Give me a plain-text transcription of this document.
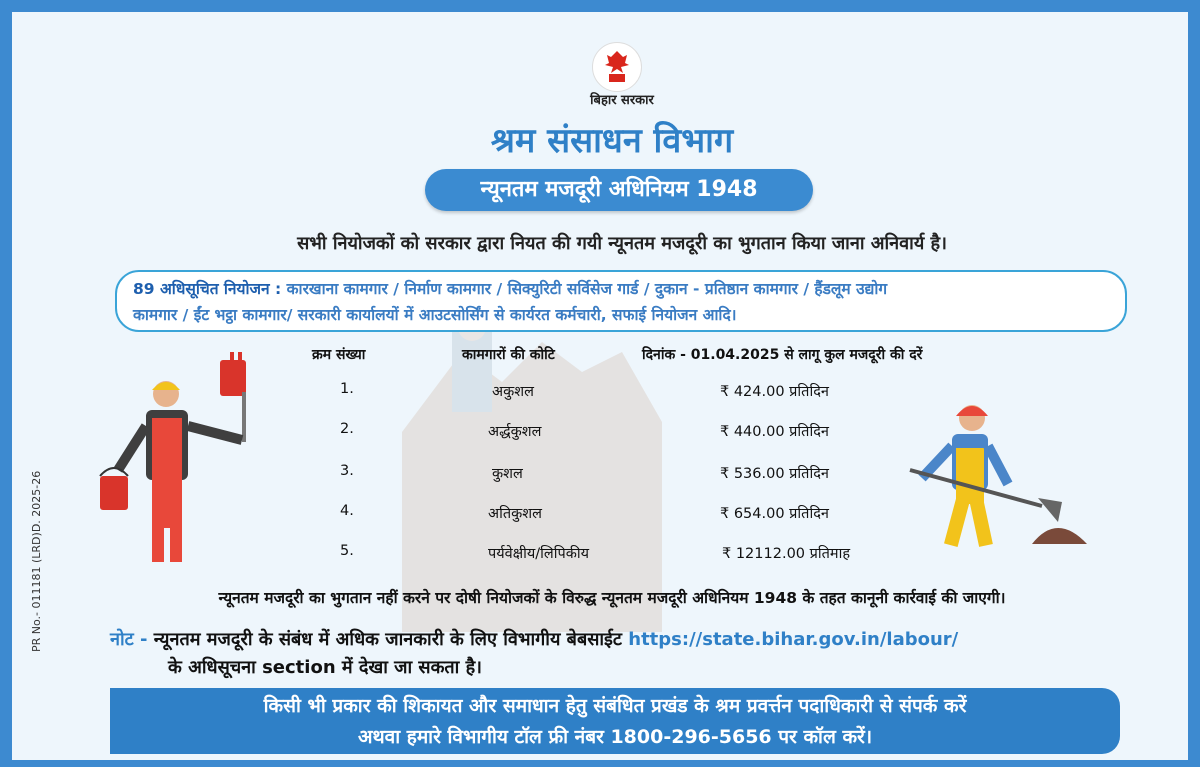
बिहार सरकार
श्रम संसाधन विभाग
न्यूनतम मजदूरी अधिनियम 1948
सभी नियोजकों को सरकार द्वारा नियत की गयी न्यूनतम मजदूरी का भुगतान किया जाना अनिवार्य है।
89 अधिसूचित नियोजन : कारखाना कामगार / निर्माण कामगार / सिक्युरिटी सर्विसेज गार्ड / दुकान - प्रतिष्ठान कामगार / हैंडलूम उद्योग
कामगार / ईंट भट्ठा कामगार/ सरकारी कार्यालयों में आउटसोर्सिंग से कार्यरत कर्मचारी, सफाई नियोजन आदि।
क्रम संख्या	कामगारों की कोटि	दिनांक - 01.04.2025 से लागू कुल मजदूरी की दरें
1.	अकुशल	₹ 424.00 प्रतिदिन
2.	अर्द्धकुशल	₹ 440.00 प्रतिदिन
3.	कुशल	₹ 536.00 प्रतिदिन
4.	अतिकुशल	₹ 654.00 प्रतिदिन
5.	पर्यवेक्षीय/लिपिकीय	₹ 12112.00 प्रतिमाह
न्यूनतम मजदूरी का भुगतान नहीं करने पर दोषी नियोजकों के विरुद्ध न्यूनतम मजदूरी अधिनियम 1948 के तहत कानूनी कार्रवाई की जाएगी।
नोट - न्यूनतम मजदूरी के संबंध में अधिक जानकारी के लिए विभागीय बेबसाईट https://state.bihar.gov.in/labour/
के अधिसूचना section में देखा जा सकता है।
किसी भी प्रकार की शिकायत और समाधान हेतु संबंधित प्रखंड के श्रम प्रवर्त्तन पदाधिकारी से संपर्क करें
अथवा हमारे विभागीय टॉल फ्री नंबर 1800-296-5656 पर कॉल करें।
PR No.- 011181 (LRD)D. 2025-26
